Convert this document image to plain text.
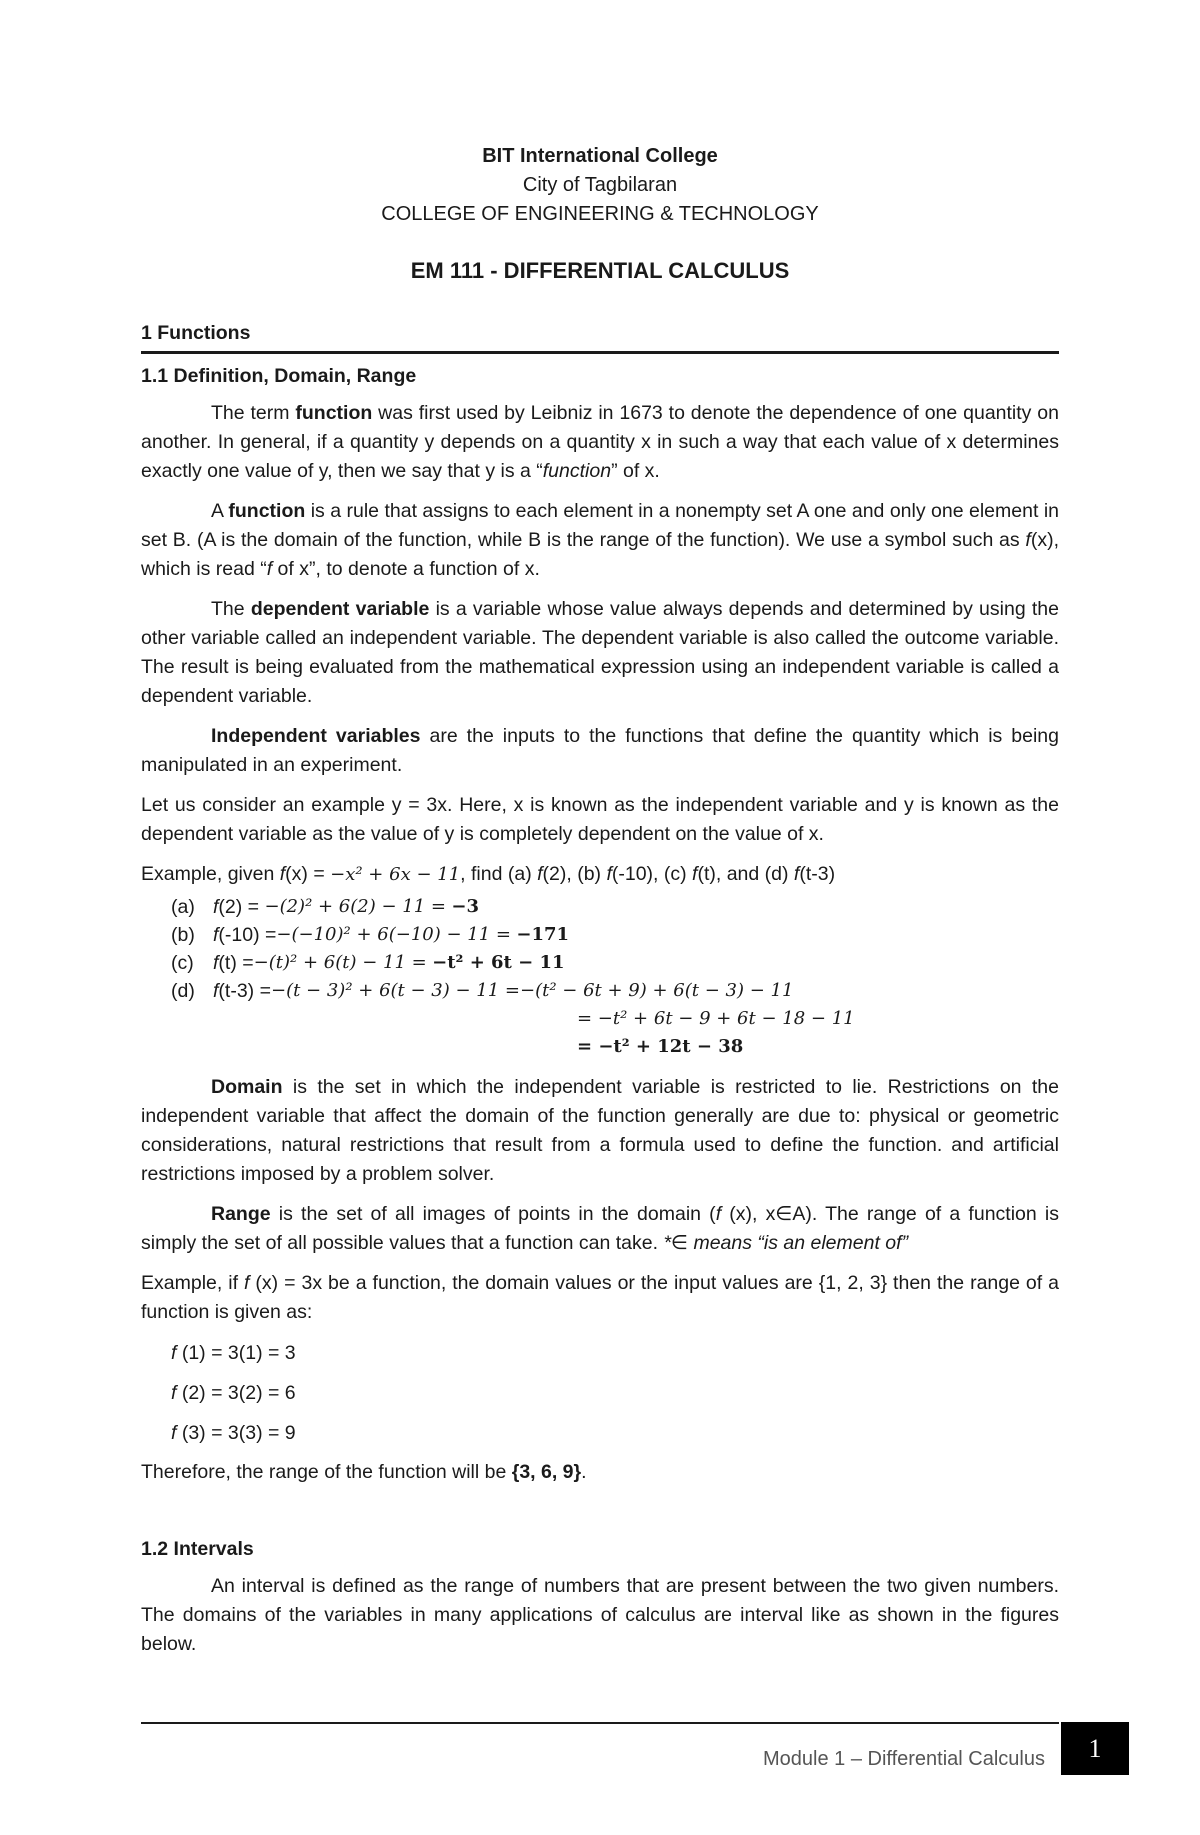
BIT International College
City of Tagbilaran
COLLEGE OF ENGINEERING & TECHNOLOGY
EM 111 - DIFFERENTIAL CALCULUS
1 Functions
1.1 Definition, Domain, Range

The term function was first used by Leibniz in 1673 to denote the dependence of one quantity on another. In general, if a quantity y depends on a quantity x in such a way that each value of x determines exactly one value of y, then we say that y is a “function” of x.

A function is a rule that assigns to each element in a nonempty set A one and only one element in set B. (A is the domain of the function, while B is the range of the function). We use a symbol such as f(x), which is read “f of x”, to denote a function of x.

The dependent variable is a variable whose value always depends and determined by using the other variable called an independent variable. The dependent variable is also called the outcome variable. The result is being evaluated from the mathematical expression using an independent variable is called a dependent variable.

Independent variables are the inputs to the functions that define the quantity which is being manipulated in an experiment.

Let us consider an example y = 3x. Here, x is known as the independent variable and y is known as the dependent variable as the value of y is completely dependent on the value of x.

Example, given f(x) = −x² + 6x − 11, find (a) f(2), (b) f(-10), (c) f(t), and (d) f(t-3)

(a) f (2) =
−(2)² + 6(2) − 11 =
−3
(b) f (-10) = −(−10)² + 6(−10) − 11 =
−171
(c) f (t) = −(t)² + 6(t) − 11 =
−t² + 6t − 11
(d) f (t-3) = −(t − 3)² + 6(t − 3) − 11 = −(t² − 6t + 9) + 6(t − 3) − 11
= −t² + 6t − 9 + 6t − 18 − 11
= −t² + 12t − 38

Domain is the set in which the independent variable is restricted to lie. Restrictions on the independent variable that affect the domain of the function generally are due to: physical or geometric considerations, natural restrictions that result from a formula used to define the function. and artificial restrictions imposed by a problem solver.

Range is the set of all images of points in the domain (f (x), x∈A). The range of a function is simply the set of all possible values that a function can take. *∈ means “is an element of”

Example, if f (x) = 3x be a function, the domain values or the input values are {1, 2, 3} then the range of a function is given as:

f (1) = 3(1) = 3
f (2) = 3(2) = 6
f (3) = 3(3) = 9

Therefore, the range of the function will be {3, 6, 9}.

1.2 Intervals

An interval is defined as the range of numbers that are present between the two given numbers. The domains of the variables in many applications of calculus are interval like as shown in the figures below.

Module 1 – Differential Calculus	1
